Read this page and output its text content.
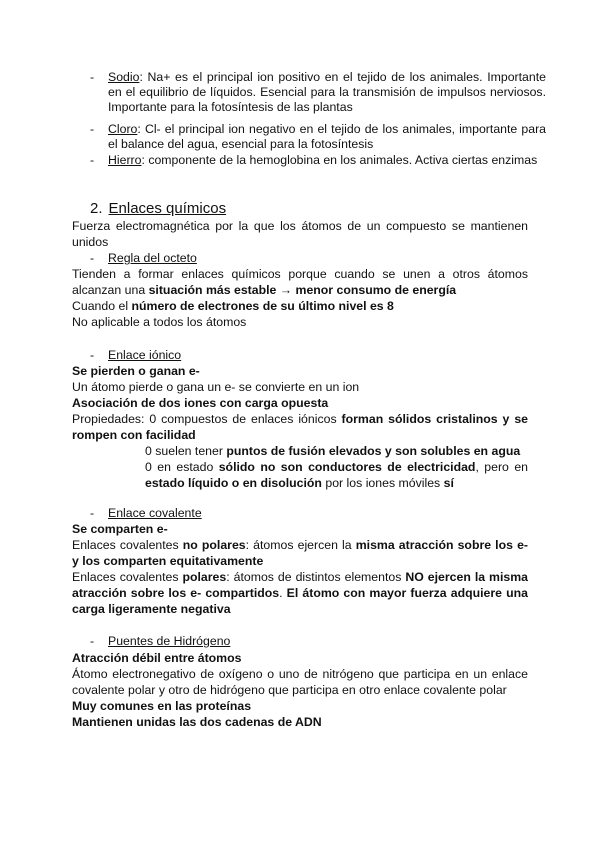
- Sodio: Na+ es el principal ion positivo en el tejido de los animales. Importante en el equilibrio de líquidos. Esencial para la transmisión de impulsos nerviosos. Importante para la fotosíntesis de las plantas
- Cloro: Cl- el principal ion negativo en el tejido de los animales, importante para el balance del agua, esencial para la fotosíntesis
- Hierro: componente de la hemoglobina en los animales. Activa ciertas enzimas
2. Enlaces químicos
Fuerza electromagnética por la que los átomos de un compuesto se mantienen unidos
- Regla del octeto
Tienden a formar enlaces químicos porque cuando se unen a otros átomos alcanzan una situación más estable → menor consumo de energía
Cuando el número de electrones de su último nivel es 8
No aplicable a todos los átomos
- Enlace iónico
Se pierden o ganan e-
Un átomo pierde o gana un e- se convierte en un ion
Asociación de dos iones con carga opuesta
Propiedades: 0 compuestos de enlaces iónicos forman sólidos cristalinos y se rompen con facilidad
0 suelen tener puntos de fusión elevados y son solubles en agua
0 en estado sólido no son conductores de electricidad, pero en estado líquido o en disolución por los iones móviles sí
- Enlace covalente
Se comparten e-
Enlaces covalentes no polares: átomos ejercen la misma atracción sobre los e- y los comparten equitativamente
Enlaces covalentes polares: átomos de distintos elementos NO ejercen la misma atracción sobre los e- compartidos. El átomo con mayor fuerza adquiere una carga ligeramente negativa
- Puentes de Hidrógeno
Atracción débil entre átomos
Átomo electronegativo de oxígeno o uno de nitrógeno que participa en un enlace covalente polar y otro de hidrógeno que participa en otro enlace covalente polar
Muy comunes en las proteínas
Mantienen unidas las dos cadenas de ADN
